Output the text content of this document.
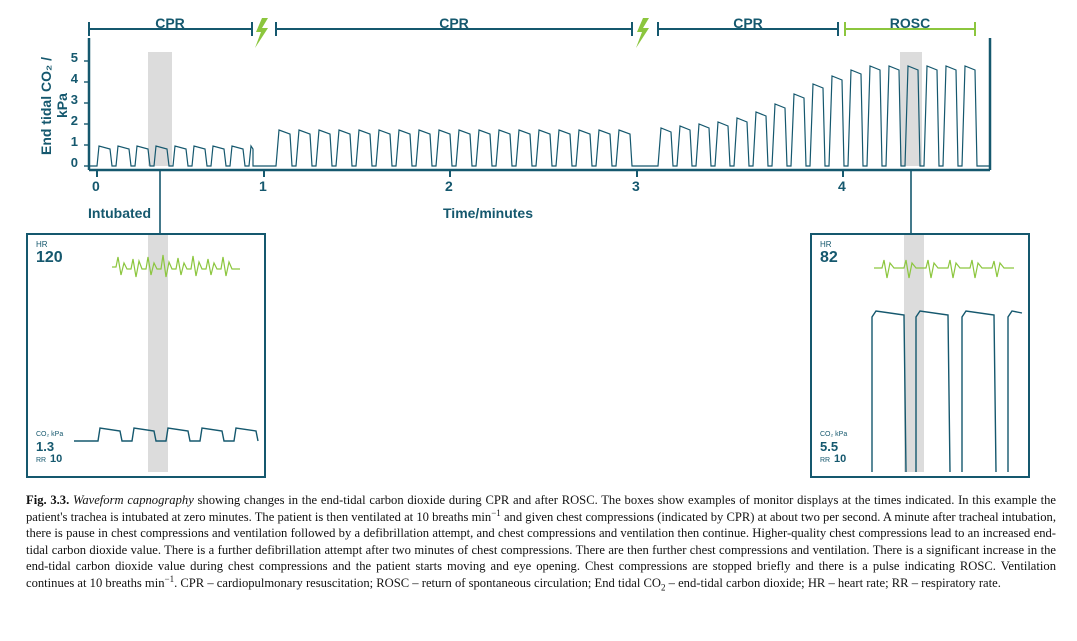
End tidal CO₂ / kPa
0
1
2
3
4
5
0	1	2	3	4
Time/minutes
Intubated
CPR	CPR	CPR	ROSC
HR
120
CO₂ kPa
1.3
RR 10
HR
82
CO₂ kPa
5.5
RR 10
Fig. 3.3. Waveform capnography showing changes in the end-tidal carbon dioxide during CPR and after ROSC. The boxes show examples of monitor displays at the times indicated. In this example the patient's trachea is intubated at zero minutes. The patient is then ventilated at 10 breaths $\min^{-1}$ and given chest compressions (indicated by CPR) at about two per second. A minute after tracheal intubation, there is pause in chest compressions and ventilation followed by a defibrillation attempt, and chest compressions and ventilation then continue. Higher-quality chest compressions lead to an increased end-tidal carbon dioxide value. There is a further defibrillation attempt after two minutes of chest compressions. There are then further chest compressions and ventilation. There is a significant increase in the end-tidal carbon dioxide value during chest compressions and the patient starts moving and eye opening. Chest compressions are stopped briefly and there is a pulse indicating ROSC. Ventilation continues at 10 breaths $\min^{-1}$. CPR – cardiopulmonary resuscitation; ROSC – return of spontaneous circulation; End tidal $CO_2$ – end-tidal carbon dioxide; HR – heart rate; RR – respiratory rate.
